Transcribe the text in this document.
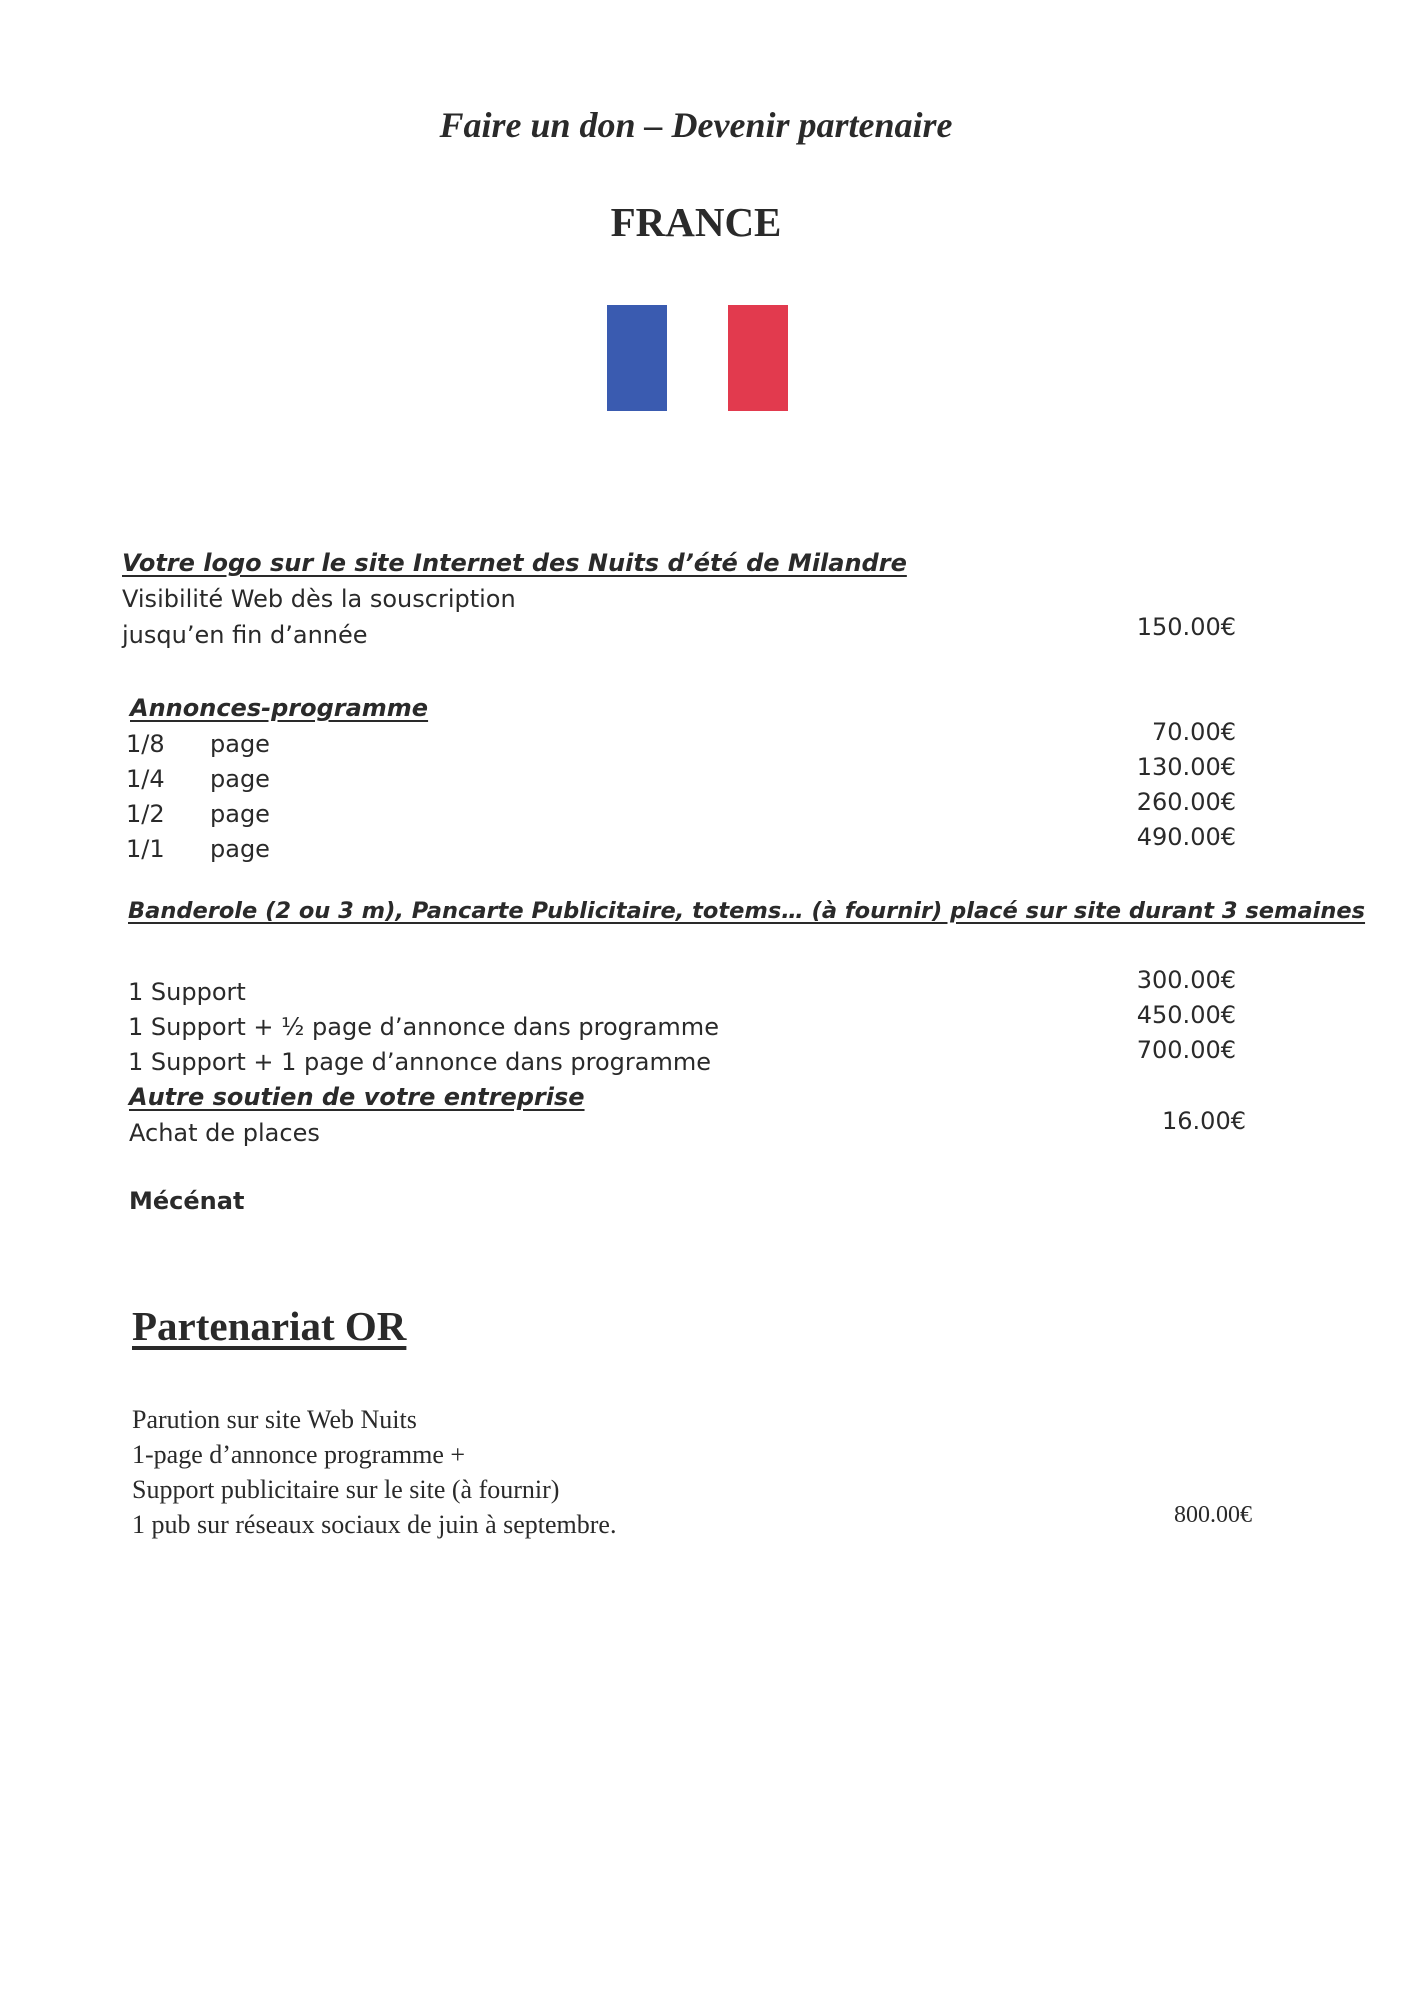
Faire un don – Devenir partenaire
FRANCE
Votre logo sur le site Internet des Nuits d’été de Milandre
Visibilité Web dès la souscription
jusqu’en fin d’année	150.00€
Annonces-programme
1/8 page	70.00€
1/4 page	130.00€
1/2 page	260.00€
1/1 page	490.00€
Banderole (2 ou 3 m), Pancarte Publicitaire, totems… (à fournir) placé sur site durant 3 semaines
1 Support	300.00€
1 Support + ½ page d’annonce dans programme	450.00€
1 Support + 1 page d’annonce dans programme	700.00€
Autre soutien de votre entreprise
Achat de places	16.00€
Mécénat
Partenariat OR
Parution sur site Web Nuits
1-page d’annonce programme +
Support publicitaire sur le site (à fournir)
1 pub sur réseaux sociaux de juin à septembre.	800.00€
